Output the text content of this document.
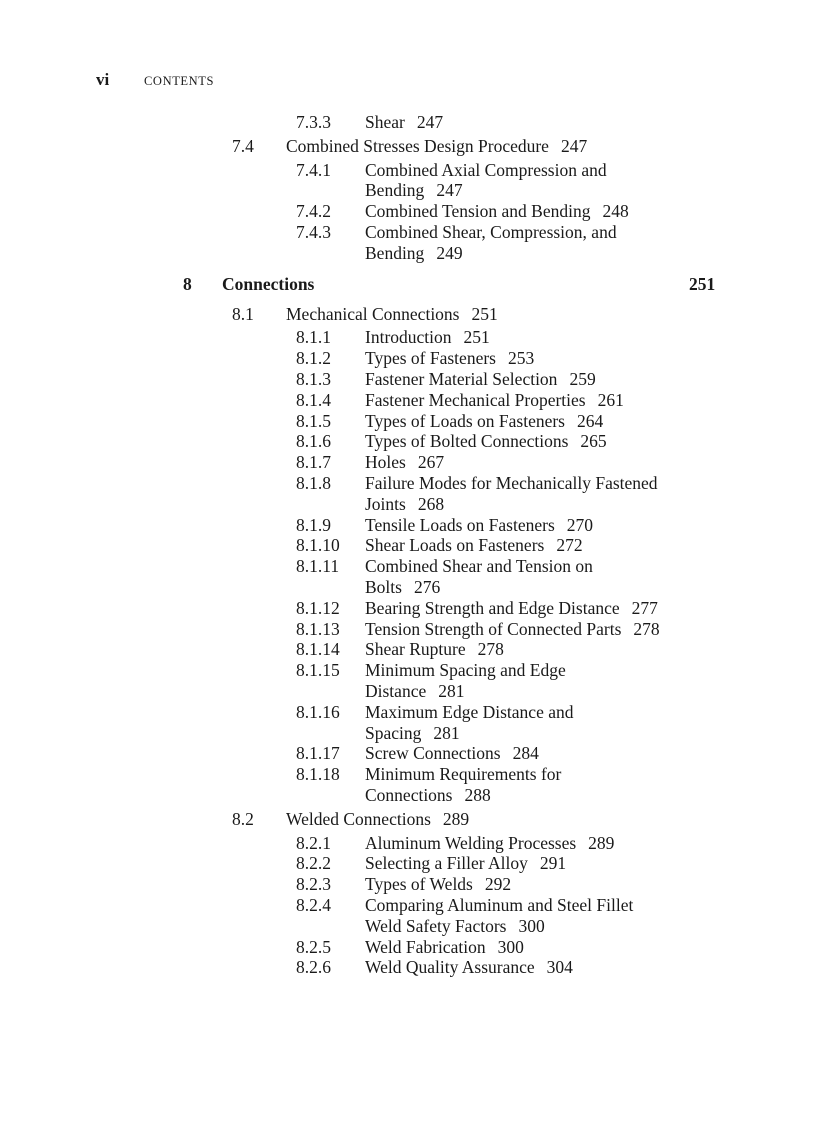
vi	CONTENTS
7.3.3 Shear 247
7.4 Combined Stresses Design Procedure 247
7.4.1 Combined Axial Compression and
Bending 247
7.4.2 Combined Tension and Bending 248
7.4.3 Combined Shear, Compression, and
Bending 249
8 Connections	251
8.1 Mechanical Connections 251
8.1.1 Introduction 251
8.1.2 Types of Fasteners 253
8.1.3 Fastener Material Selection 259
8.1.4 Fastener Mechanical Properties 261
8.1.5 Types of Loads on Fasteners 264
8.1.6 Types of Bolted Connections 265
8.1.7 Holes 267
8.1.8 Failure Modes for Mechanically Fastened
Joints 268
8.1.9 Tensile Loads on Fasteners 270
8.1.10 Shear Loads on Fasteners 272
8.1.11 Combined Shear and Tension on
Bolts 276
8.1.12 Bearing Strength and Edge Distance 277
8.1.13 Tension Strength of Connected Parts 278
8.1.14 Shear Rupture 278
8.1.15 Minimum Spacing and Edge
Distance 281
8.1.16 Maximum Edge Distance and
Spacing 281
8.1.17 Screw Connections 284
8.1.18 Minimum Requirements for
Connections 288
8.2 Welded Connections 289
8.2.1 Aluminum Welding Processes 289
8.2.2 Selecting a Filler Alloy 291
8.2.3 Types of Welds 292
8.2.4 Comparing Aluminum and Steel Fillet
Weld Safety Factors 300
8.2.5 Weld Fabrication 300
8.2.6 Weld Quality Assurance 304
